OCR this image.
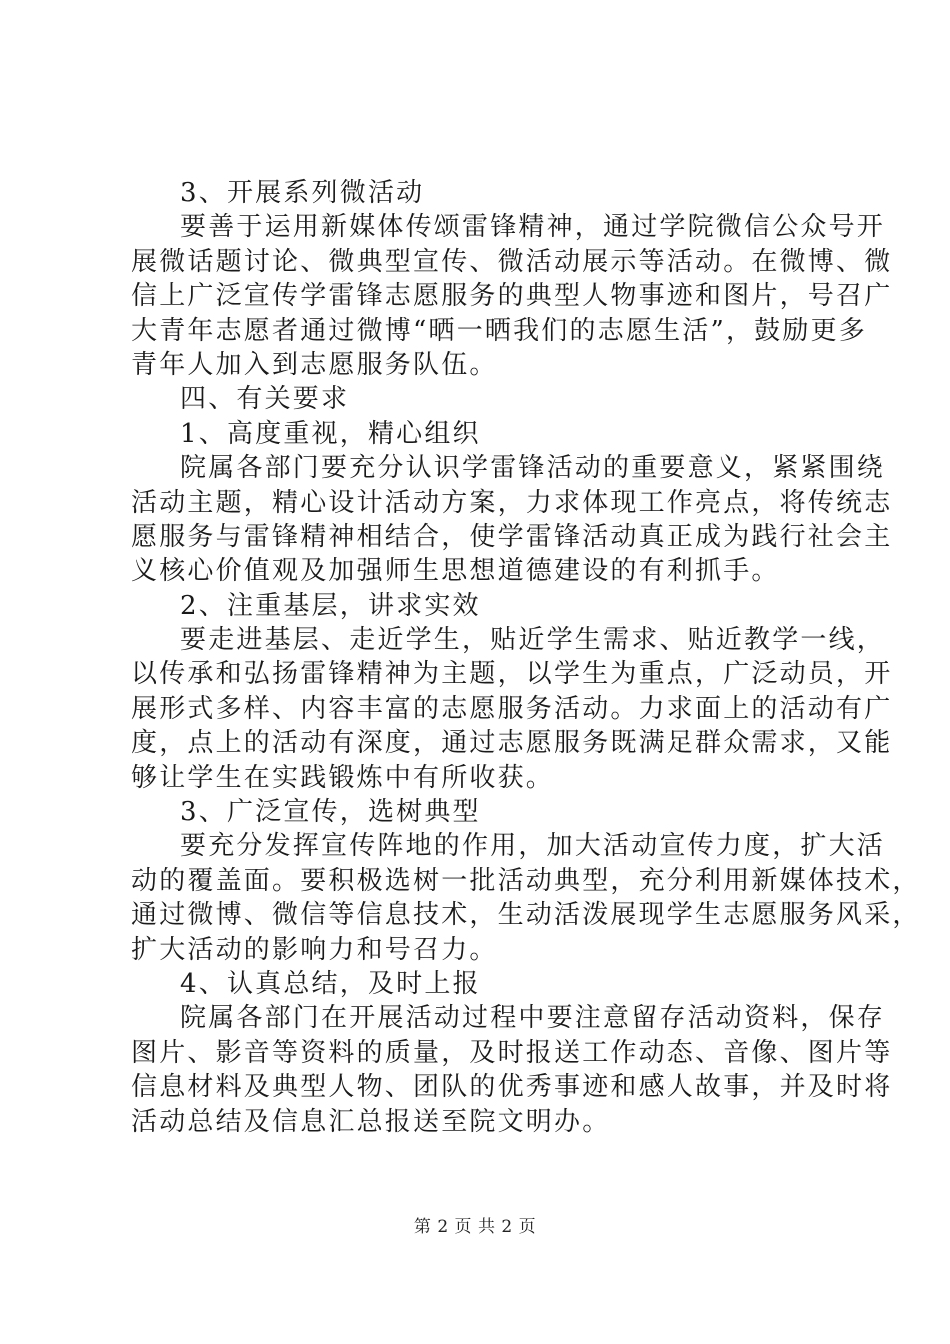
3、开展系列微活动
要善于运用新媒体传颂雷锋精神，通过学院微信公众号开
展微话题讨论、微典型宣传、微活动展示等活动。在微博、微
信上广泛宣传学雷锋志愿服务的典型人物事迹和图片，号召广
大青年志愿者通过微博“晒一晒我们的志愿生活”，鼓励更多
青年人加入到志愿服务队伍。
四、有关要求
1、高度重视，精心组织
院属各部门要充分认识学雷锋活动的重要意义，紧紧围绕
活动主题，精心设计活动方案，力求体现工作亮点，将传统志
愿服务与雷锋精神相结合，使学雷锋活动真正成为践行社会主
义核心价值观及加强师生思想道德建设的有利抓手。
2、注重基层，讲求实效
要走进基层、走近学生，贴近学生需求、贴近教学一线，
以传承和弘扬雷锋精神为主题，以学生为重点，广泛动员，开
展形式多样、内容丰富的志愿服务活动。力求面上的活动有广
度，点上的活动有深度，通过志愿服务既满足群众需求，又能
够让学生在实践锻炼中有所收获。
3、广泛宣传，选树典型
要充分发挥宣传阵地的作用，加大活动宣传力度，扩大活
动的覆盖面。要积极选树一批活动典型，充分利用新媒体技术，
通过微博、微信等信息技术，生动活泼展现学生志愿服务风采，
扩大活动的影响力和号召力。
4、认真总结，及时上报
院属各部门在开展活动过程中要注意留存活动资料，保存
图片、影音等资料的质量，及时报送工作动态、音像、图片等
信息材料及典型人物、团队的优秀事迹和感人故事，并及时将
活动总结及信息汇总报送至院文明办。
第 2 页 共 2 页
